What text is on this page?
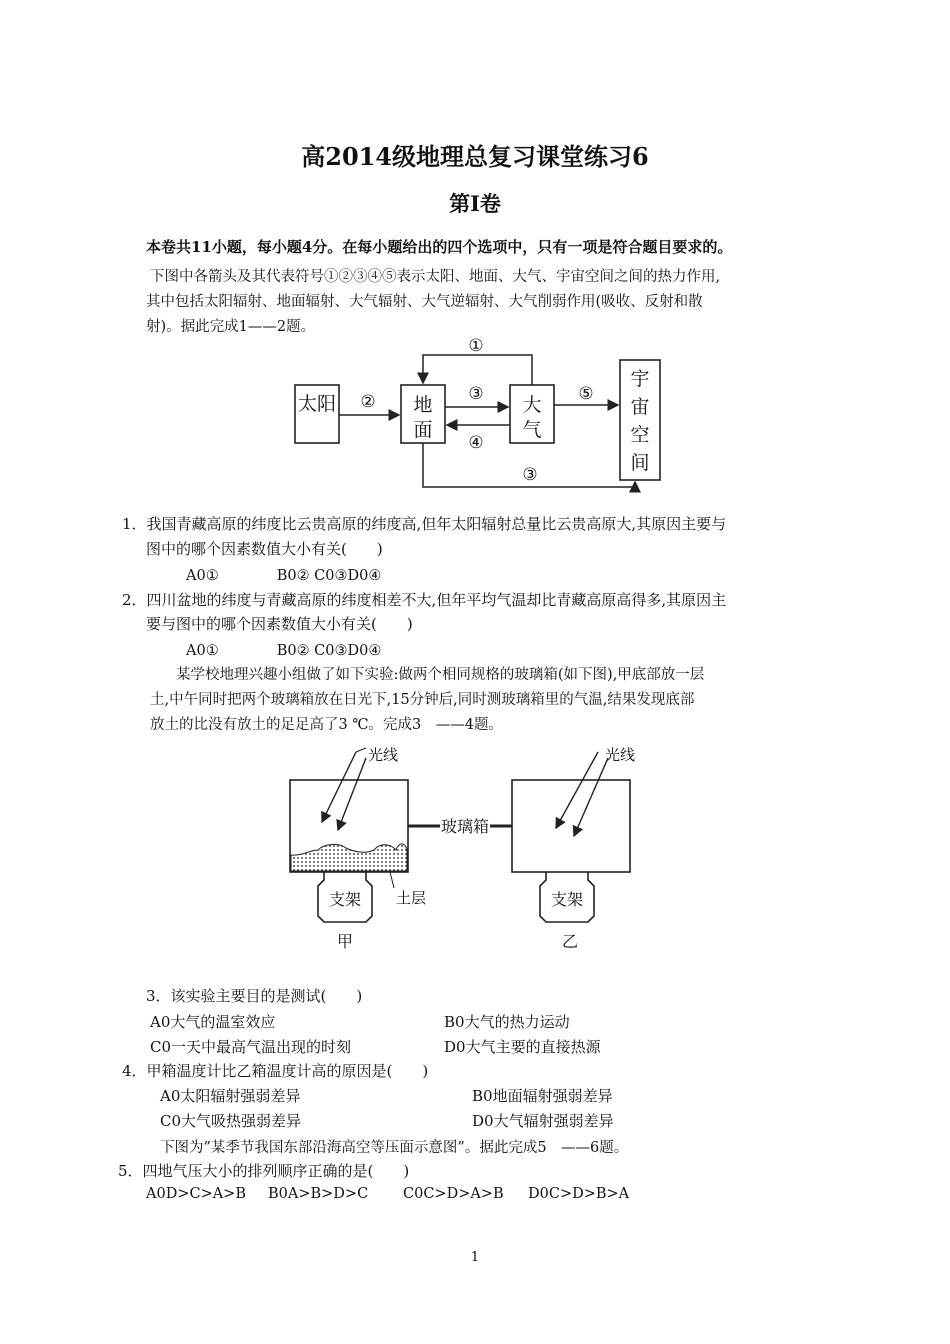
高2014级地理总复习课堂练习6
第Ⅰ卷
本卷共11小题，每小题4分。在每小题给出的四个选项中，只有一项是符合题目要求的。
下图中各箭头及其代表符号①②③④⑤表示太阳、地面、大气、宇宙空间之间的热力作用,
其中包括太阳辐射、地面辐射、大气辐射、大气逆辐射、大气削弱作用(吸收、反射和散
射)。据此完成1——2题。
太阳	地
面
大
气
宇
宙
空
间
①
②	③
④
⑤
③
1．我国青藏高原的纬度比云贵高原的纬度高,但年太阳辐射总量比云贵高原大,其原因主要与
图中的哪个因素数值大小有关(　　)
A0①　　　　B0② C0③D0④
2．四川盆地的纬度与青藏高原的纬度相差不大,但年平均气温却比青藏高原高得多,其原因主
要与图中的哪个因素数值大小有关(　　)
A0①　　　　B0② C0③D0④
某学校地理兴趣小组做了如下实验:做两个相同规格的玻璃箱(如下图),甲底部放一层
土,中午同时把两个玻璃箱放在日光下,15分钟后,同时测玻璃箱里的气温,结果发现底部
放土的比没有放土的足足高了3 ℃。完成3　——4题。
光线
支架 土层
甲
玻璃箱
光线
支架
乙
3．该实验主要目的是测试(　　)
A0大气的温室效应	B0大气的热力运动
C0一天中最高气温出现的时刻	D0大气主要的直接热源
4．甲箱温度计比乙箱温度计高的原因是(　　)
A0太阳辐射强弱差异	B0地面辐射强弱差异
C0大气吸热强弱差异	D0大气辐射强弱差异
下图为”某季节我国东部沿海高空等压面示意图”。据此完成5　——6题。
5．四地气压大小的排列顺序正确的是(　　)
A0D>C>A>B B0A>B>D>C C0C>D>A>B D0C>D>B>A
1
